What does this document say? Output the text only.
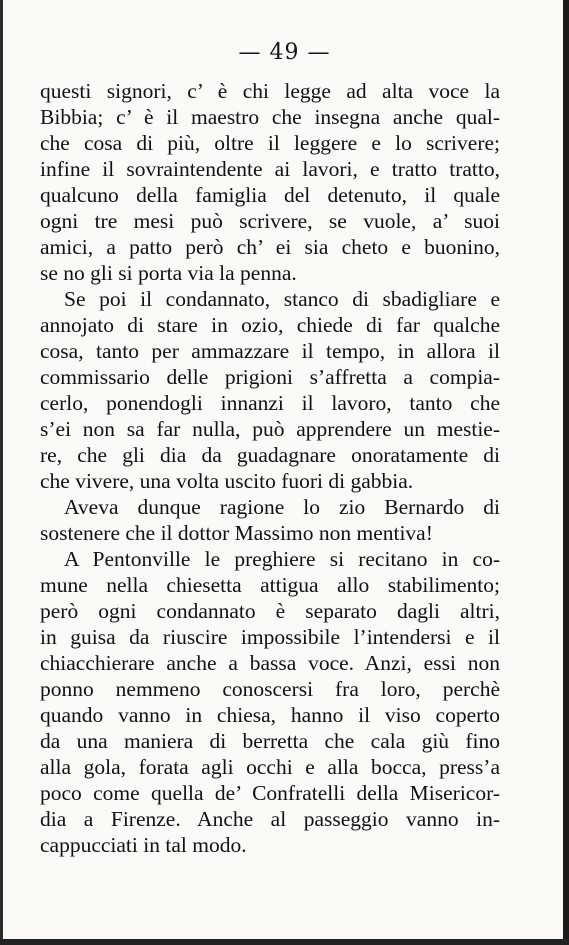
— 49 —
questi signori, c’ è chi legge ad alta voce la
Bibbia; c’ è il maestro che insegna anche qual-
che cosa di più, oltre il leggere e lo scrivere;
infine il sovraintendente ai lavori, e tratto tratto,
qualcuno della famiglia del detenuto, il quale
ogni tre mesi può scrivere, se vuole, a’ suoi
amici, a patto però ch’ ei sia cheto e buonino,
se no gli si porta via la penna.
Se poi il condannato, stanco di sbadigliare e
annojato di stare in ozio, chiede di far qualche
cosa, tanto per ammazzare il tempo, in allora il
commissario delle prigioni s’affretta a compia-
cerlo, ponendogli innanzi il lavoro, tanto che
s’ei non sa far nulla, può apprendere un mestie-
re, che gli dia da guadagnare onoratamente di
che vivere, una volta uscito fuori di gabbia.
Aveva dunque ragione lo zio Bernardo di
sostenere che il dottor Massimo non mentiva!
A Pentonville le preghiere si recitano in co-
mune nella chiesetta attigua allo stabilimento;
però ogni condannato è separato dagli altri,
in guisa da riuscire impossibile l’intendersi e il
chiacchierare anche a bassa voce. Anzi, essi non
ponno nemmeno conoscersi fra loro, perchè
quando vanno in chiesa, hanno il viso coperto
da una maniera di berretta che cala giù fino
alla gola, forata agli occhi e alla bocca, press’a
poco come quella de’ Confratelli della Misericor-
dia a Firenze. Anche al passeggio vanno in-
cappucciati in tal modo.
